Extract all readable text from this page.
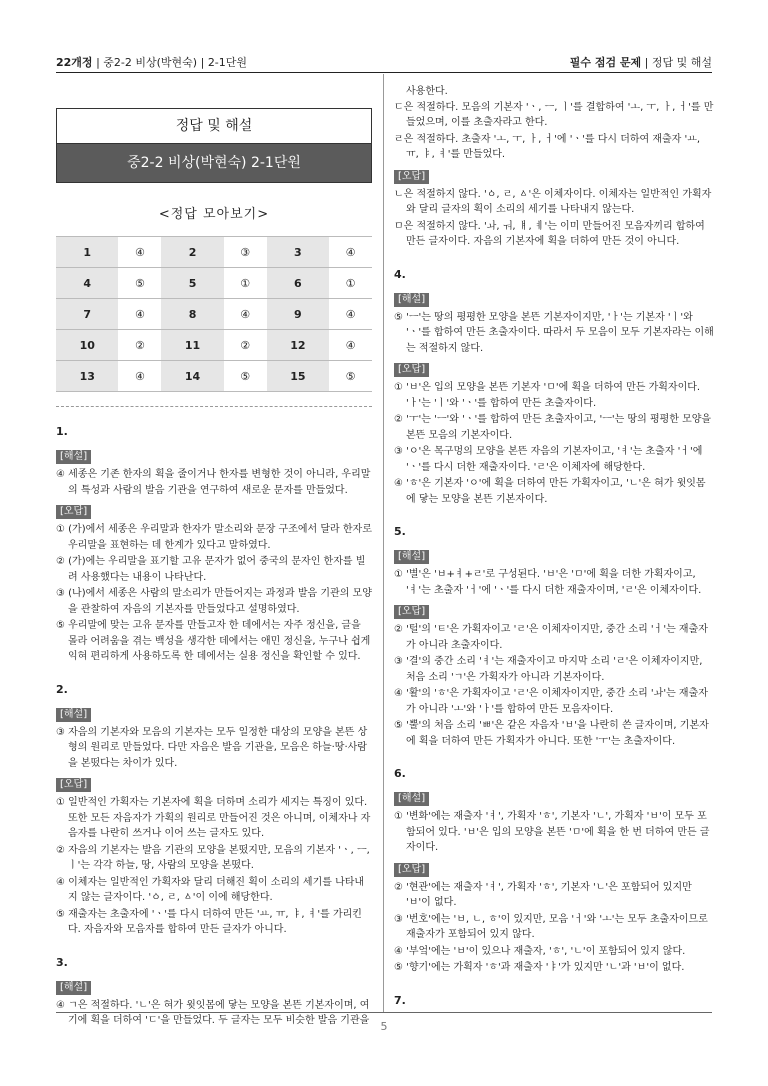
22개정 | 중2-2 비상(박현숙) | 2-1단원	필수 점검 문제 | 정답 및 해설
정답 및 해설
중2-2 비상(박현숙) 2-1단원
<정답 모아보기>
1	④	2	③	3	④
4	⑤	5	①	6	①
7	④	8	④	9	④
10	②	11	②	12	④
13	④	14	⑤	15	⑤
1.
[해설]

④ 세종은 기존 한자의 획을 줄이거나 한자를 변형한 것이 아니라, 우리말의 특성과 사람의 발음 기관을 연구하여 새로운 문자를 만들었다.

[오답]

① (가)에서 세종은 우리말과 한자가 말소리와 문장 구조에서 달라 한자로 우리말을 표현하는 데 한계가 있다고 말하였다.

② (가)에는 우리말을 표기할 고유 문자가 없어 중국의 문자인 한자를 빌려 사용했다는 내용이 나타난다.

③ (나)에서 세종은 사람의 말소리가 만들어지는 과정과 발음 기관의 모양을 관찰하여 자음의 기본자를 만들었다고 설명하였다.

⑤ 우리말에 맞는 고유 문자를 만들고자 한 데에서는 자주 정신을, 글을 몰라 어려움을 겪는 백성을 생각한 데에서는 애민 정신을, 누구나 쉽게 익혀 편리하게 사용하도록 한 데에서는 실용 정신을 확인할 수 있다.

2.
[해설]

③ 자음의 기본자와 모음의 기본자는 모두 일정한 대상의 모양을 본뜬 상형의 원리로 만들었다. 다만 자음은 발음 기관을, 모음은 하늘·땅·사람을 본떴다는 차이가 있다.

[오답]

① 일반적인 가획자는 기본자에 획을 더하며 소리가 세지는 특징이 있다. 또한 모든 자음자가 가획의 원리로 만들어진 것은 아니며, 이체자나 자음자를 나란히 쓰거나 이어 쓰는 글자도 있다.

② 자음의 기본자는 발음 기관의 모양을 본떴지만, 모음의 기본자 'ㆍ, ㅡ, ㅣ'는 각각 하늘, 땅, 사람의 모양을 본떴다.

④ 이체자는 일반적인 가획자와 달리 더해진 획이 소리의 세기를 나타내지 않는 글자이다. 'ㆁ, ㄹ, ㅿ'이 이에 해당한다.

⑤ 재출자는 초출자에 'ㆍ'를 다시 더하여 만든 'ㅛ, ㅠ, ㅑ, ㅕ'를 가리킨다. 자음자와 모음자를 합하여 만든 글자가 아니다.

3.
[해설]

④ ㄱ은 적절하다. 'ㄴ'은 혀가 윗잇몸에 닿는 모양을 본뜬 기본자이며, 여기에 획을 더하여 'ㄷ'을 만들었다. 두 글자는 모두 비슷한 발음 기관을

사용한다.

ㄷ은 적절하다. 모음의 기본자 'ㆍ, ㅡ, ㅣ'를 결합하여 'ㅗ, ㅜ, ㅏ, ㅓ'를 만들었으며, 이를 초출자라고 한다.

ㄹ은 적절하다. 초출자 'ㅗ, ㅜ, ㅏ, ㅓ'에 'ㆍ'를 다시 더하여 재출자 'ㅛ, ㅠ, ㅑ, ㅕ'를 만들었다.

[오답]

ㄴ은 적절하지 않다. 'ㆁ, ㄹ, ㅿ'은 이체자이다. 이체자는 일반적인 가획자와 달리 글자의 획이 소리의 세기를 나타내지 않는다.

ㅁ은 적절하지 않다. 'ㅘ, ㅝ, ㅒ, ㅖ'는 이미 만들어진 모음자끼리 합하여 만든 글자이다. 자음의 기본자에 획을 더하여 만든 것이 아니다.

4.
[해설]

⑤ 'ㅡ'는 땅의 평평한 모양을 본뜬 기본자이지만, 'ㅏ'는 기본자 'ㅣ'와 'ㆍ'를 합하여 만든 초출자이다. 따라서 두 모음이 모두 기본자라는 이해는 적절하지 않다.

[오답]

① 'ㅂ'은 입의 모양을 본뜬 기본자 'ㅁ'에 획을 더하여 만든 가획자이다. 'ㅏ'는 'ㅣ'와 'ㆍ'를 합하여 만든 초출자이다.

② 'ㅜ'는 'ㅡ'와 'ㆍ'를 합하여 만든 초출자이고, 'ㅡ'는 땅의 평평한 모양을 본뜬 모음의 기본자이다.

③ 'ㅇ'은 목구멍의 모양을 본뜬 자음의 기본자이고, 'ㅕ'는 초출자 'ㅓ'에 'ㆍ'를 다시 더한 재출자이다. 'ㄹ'은 이체자에 해당한다.

④ 'ㅎ'은 기본자 'ㅇ'에 획을 더하여 만든 가획자이고, 'ㄴ'은 혀가 윗잇몸에 닿는 모양을 본뜬 기본자이다.

5.
[해설]

① '별'은 'ㅂ+ㅕ+ㄹ'로 구성된다. 'ㅂ'은 'ㅁ'에 획을 더한 가획자이고, 'ㅕ'는 초출자 'ㅓ'에 'ㆍ'를 다시 더한 재출자이며, 'ㄹ'은 이체자이다.

[오답]

② '털'의 'ㅌ'은 가획자이고 'ㄹ'은 이체자이지만, 중간 소리 'ㅓ'는 재출자가 아니라 초출자이다.

③ '결'의 중간 소리 'ㅕ'는 재출자이고 마지막 소리 'ㄹ'은 이체자이지만, 처음 소리 'ㄱ'은 가획자가 아니라 기본자이다.

④ '활'의 'ㅎ'은 가획자이고 'ㄹ'은 이체자이지만, 중간 소리 'ㅘ'는 재출자가 아니라 'ㅗ'와 'ㅏ'를 합하여 만든 모음자이다.

⑤ '뿔'의 처음 소리 'ㅃ'은 같은 자음자 'ㅂ'을 나란히 쓴 글자이며, 기본자에 획을 더하여 만든 가획자가 아니다. 또한 'ㅜ'는 초출자이다.

6.
[해설]

① '변화'에는 재출자 'ㅕ', 가획자 'ㅎ', 기본자 'ㄴ', 가획자 'ㅂ'이 모두 포함되어 있다. 'ㅂ'은 입의 모양을 본뜬 'ㅁ'에 획을 한 번 더하여 만든 글자이다.

[오답]

② '현관'에는 재출자 'ㅕ', 가획자 'ㅎ', 기본자 'ㄴ'은 포함되어 있지만 'ㅂ'이 없다.

③ '번호'에는 'ㅂ, ㄴ, ㅎ'이 있지만, 모음 'ㅓ'와 'ㅗ'는 모두 초출자이므로 재출자가 포함되어 있지 않다.

④ '부엌'에는 'ㅂ'이 있으나 재출자, 'ㅎ', 'ㄴ'이 포함되어 있지 않다.

⑤ '향기'에는 가획자 'ㅎ'과 재출자 'ㅑ'가 있지만 'ㄴ'과 'ㅂ'이 없다.

7.
5
